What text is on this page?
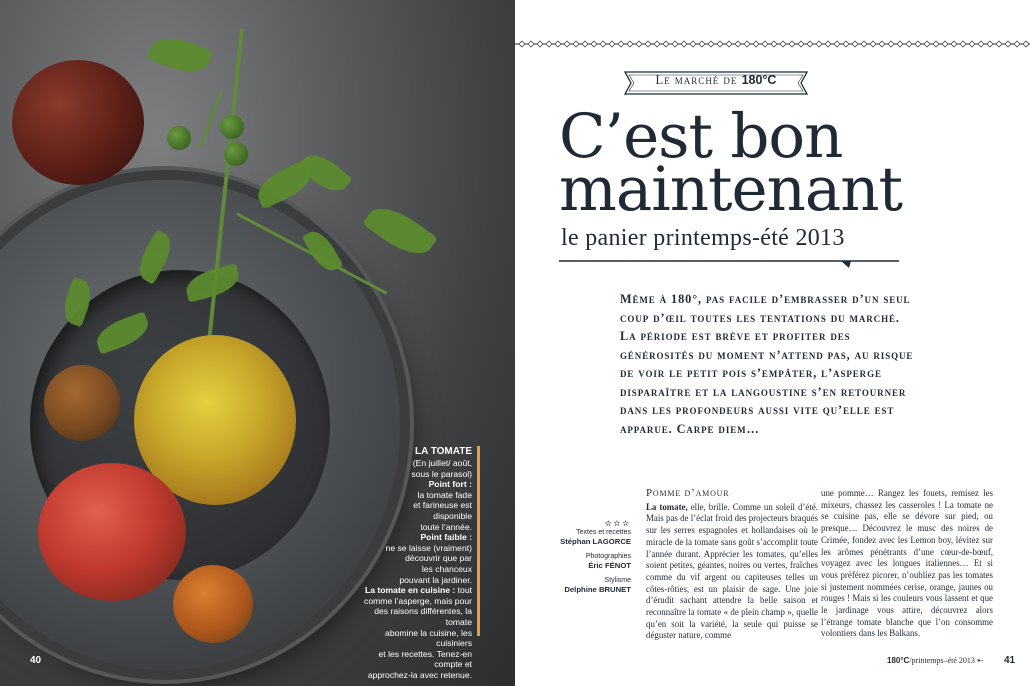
LA TOMATE
(En juillet/ août,
sous le parasol)
Point fort :
la tomate fade
et farineuse est
disponible
toute l’année.
Point faible :
ne se laisse (vraiment)
découvrir que par
les chanceux
pouvant la jardiner.
La tomate en cuisine : tout
comme l’asperge, mais pour
des raisons différentes, la tomate
abomine la cuisine, les cuisiniers
et les recettes. Tenez-en compte et
approchez-la avec retenue.
40
Le marché de 180°C
C’est bon
maintenant
le panier printemps-été 2013
Même à 180°, pas facile d’embrasser d’un seul coup d’œil toutes les tentations du marché. La période est brève et profiter des générosités du moment n’attend pas, au risque de voir le petit pois s’empâter, l’asperge disparaître et la langoustine s’en retourner dans les profondeurs aussi vite qu’elle est apparue. Carpe diem…
✫✫✫
Textes et recettes
Stéphan LAGORCE
Photographies
Éric FÉNOT
Stylisme
Delphine BRUNET
Pomme d’amour
La tomate, elle, brille. Comme un soleil d’été. Mais pas de l’éclat froid des projecteurs braqués sur les serres espagnoles et hollandaises où le miracle de la tomate sans goût s’accomplit toute l’année durant. Apprécier les tomates, qu’elles soient petites, géantes, noires ou vertes, fraîches comme du vif argent ou capiteuses telles un côtes-rôties, est un plaisir de sage. Une joie d’érudit sachant attendre la belle saison et reconnaître la tomate « de plein champ », quelle qu’en soit la variété, la seule qui puisse se déguster nature, comme
une pomme… Rangez les fouets, remisez les mixeurs, chassez les casseroles ! La tomate ne se cuisine pas, elle se dévore sur pied, ou presque… Découvrez le musc des noires de Crimée, fondez avec les Lemon boy, lévitez sur les arômes pénétrants d’une cœur-de-bœuf, voyagez avec les longues italiennes… Et si vous préférez picorer, n’oubliez pas les tomates si justement nommées cerise, orange, jaunes ou rouges ! Mais si les couleurs vous lassent et que le jardinage vous attire, découvrez alors l’étrange tomate blanche que l’on consomme volontiers dans les Balkans.
180°C/printemps–été 2013 ➸ 41
